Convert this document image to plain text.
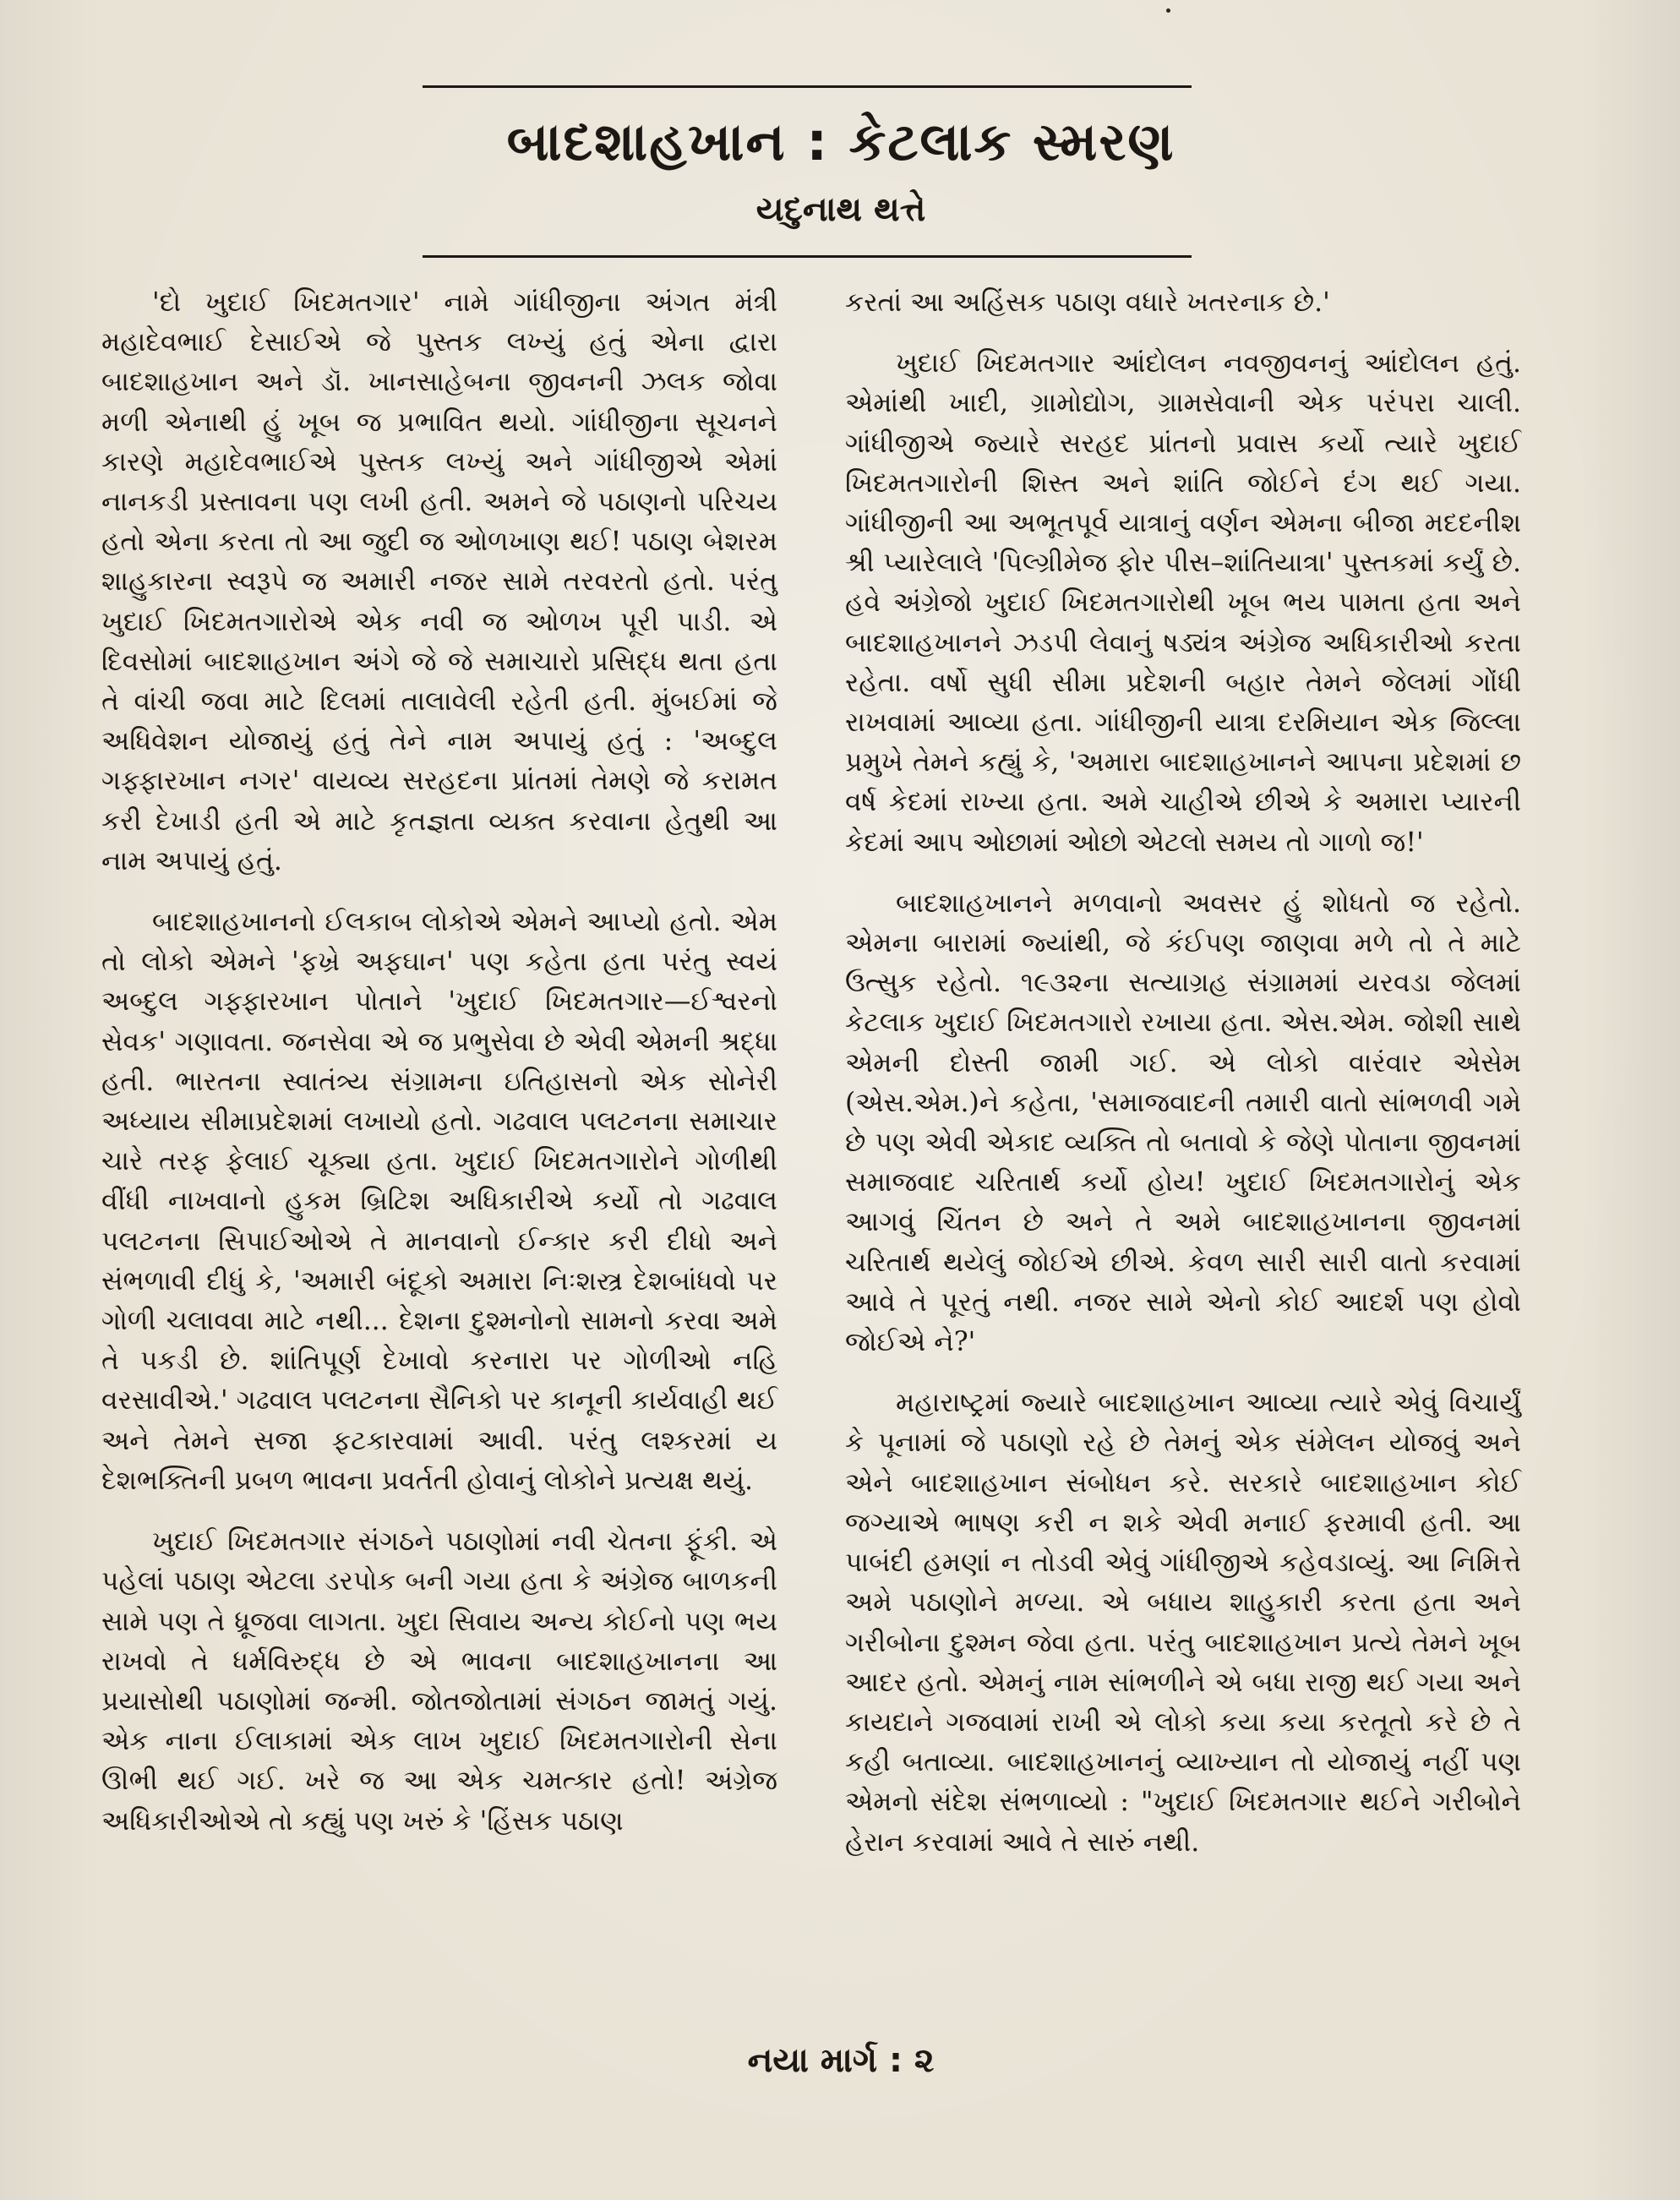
બાદશાહખાન : કેટલાક સ્મરણ
યદુનાથ થત્તે

'દો ખુદાઈ ખિદમતગાર' નામે ગાંધીજીના અંગત મંત્રી મહાદેવભાઈ દેસાઈએ જે પુસ્તક લખ્યું હતું એના દ્વારા બાદશાહખાન અને ડૉ. ખાનસાહેબના જીવનની ઝલક જોવા મળી એનાથી હું ખૂબ જ પ્રભાવિત થયો. ગાંધીજીના સૂચનને કારણે મહાદેવભાઈએ પુસ્તક લખ્યું અને ગાંધીજીએ એમાં નાનકડી પ્રસ્તાવના પણ લખી હતી. અમને જે પઠાણનો પરિચય હતો એના કરતા તો આ જુદી જ ઓળખાણ થઈ! પઠાણ બેશરમ શાહુકારના સ્વરૂપે જ અમારી નજર સામે તરવરતો હતો. પરંતુ ખુદાઈ ખિદમતગારોએ એક નવી જ ઓળખ પૂરી પાડી. એ દિવસોમાં બાદશાહખાન અંગે જે જે સમાચારો પ્રસિદ્ધ થતા હતા તે વાંચી જવા માટે દિલમાં તાલાવેલી રહેતી હતી. મુંબઈમાં જે અધિવેશન યોજાયું હતું તેને નામ અપાયું હતું : 'અબ્દુલ ગફ્ફારખાન નગર' વાયવ્ય સરહદના પ્રાંતમાં તેમણે જે કરામત કરી દેખાડી હતી એ માટે કૃતજ્ઞતા વ્યક્ત કરવાના હેતુથી આ નામ અપાયું હતું.

બાદશાહખાનનો ઈલકાબ લોકોએ એમને આપ્યો હતો. એમ તો લોકો એમને 'ફખ્રે અફઘાન' પણ કહેતા હતા પરંતુ સ્વયં અબ્દુલ ગફ્ફારખાન પોતાને 'ખુદાઈ ખિદમતગાર—ઈશ્વરનો સેવક' ગણાવતા. જનસેવા એ જ પ્રભુસેવા છે એવી એમની શ્રદ્ધા હતી. ભારતના સ્વાતંત્ર્ય સંગ્રામના ઇતિહાસનો એક સોનેરી અધ્યાય સીમાપ્રદેશમાં લખાયો હતો. ગઢવાલ પલટનના સમાચાર ચારે તરફ ફેલાઈ ચૂક્યા હતા. ખુદાઈ ખિદમતગારોને ગોળીથી વીંધી નાખવાનો હુકમ બ્રિટિશ અધિકારીએ કર્યો તો ગઢવાલ પલટનના સિપાઈઓએ તે માનવાનો ઈન્કાર કરી દીધો અને સંભળાવી દીધું કે, 'અમારી બંદૂકો અમારા નિઃશસ્ત્ર દેશબાંધવો પર ગોળી ચલાવવા માટે નથી... દેશના દુશ્મનોનો સામનો કરવા અમે તે પકડી છે. શાંતિપૂર્ણ દેખાવો કરનારા પર ગોળીઓ નહિ વરસાવીએ.' ગઢવાલ પલટનના સૈનિકો પર કાનૂની કાર્યવાહી થઈ અને તેમને સજા ફટકારવામાં આવી. પરંતુ લશ્કરમાં ય દેશભક્તિની પ્રબળ ભાવના પ્રવર્તતી હોવાનું લોકોને પ્રત્યક્ષ થયું.

ખુદાઈ ખિદમતગાર સંગઠને પઠાણોમાં નવી ચેતના ફૂંકી. એ પહેલાં પઠાણ એટલા ડરપોક બની ગયા હતા કે અંગ્રેજ બાળકની સામે પણ તે ધ્રૂજવા લાગતા. ખુદા સિવાય અન્ય કોઈનો પણ ભય રાખવો તે ધર્મવિરુદ્ધ છે એ ભાવના બાદશાહખાનના આ પ્રયાસોથી પઠાણોમાં જન્મી. જોતજોતામાં સંગઠન જામતું ગયું. એક નાના ઈલાકામાં એક લાખ ખુદાઈ ખિદમતગારોની સેના ઊભી થઈ ગઈ. ખરે જ આ એક ચમત્કાર હતો! અંગ્રેજ અધિકારીઓએ તો કહ્યું પણ ખરું કે 'હિંસક પઠાણ

કરતાં આ અહિંસક પઠાણ વધારે ખતરનાક છે.'

ખુદાઈ ખિદમતગાર આંદોલન નવજીવનનું આંદોલન હતું. એમાંથી ખાદી, ગ્રામોદ્યોગ, ગ્રામસેવાની એક પરંપરા ચાલી. ગાંધીજીએ જ્યારે સરહદ પ્રાંતનો પ્રવાસ કર્યો ત્યારે ખુદાઈ ખિદમતગારોની શિસ્ત અને શાંતિ જોઈને દંગ થઈ ગયા. ગાંધીજીની આ અભૂતપૂર્વ યાત્રાનું વર્ણન એમના બીજા મદદનીશ શ્રી પ્યારેલાલે 'પિલ્ગ્રીમેજ ફોર પીસ–શાંતિયાત્રા' પુસ્તકમાં કર્યું છે. હવે અંગ્રેજો ખુદાઈ ખિદમતગારોથી ખૂબ ભય પામતા હતા અને બાદશાહખાનને ઝડપી લેવાનું ષડ્યંત્ર અંગ્રેજ અધિકારીઓ કરતા રહેતા. વર્ષો સુધી સીમા પ્રદેશની બહાર તેમને જેલમાં ગોંધી રાખવામાં આવ્યા હતા. ગાંધીજીની યાત્રા દરમિયાન એક જિલ્લા પ્રમુખે તેમને કહ્યું કે, 'અમારા બાદશાહખાનને આપના પ્રદેશમાં છ વર્ષ કેદમાં રાખ્યા હતા. અમે ચાહીએ છીએ કે અમારા પ્યારની કેદમાં આપ ઓછામાં ઓછો એટલો સમય તો ગાળો જ!'

બાદશાહખાનને મળવાનો અવસર હું શોધતો જ રહેતો. એમના બારામાં જ્યાંથી, જે કંઈપણ જાણવા મળે તો તે માટે ઉત્સુક રહેતો. ૧૯૩૨ના સત્યાગ્રહ સંગ્રામમાં યરવડા જેલમાં કેટલાક ખુદાઈ ખિદમતગારો રખાયા હતા. એસ.એમ. જોશી સાથે એમની દોસ્તી જામી ગઈ. એ લોકો વારંવાર એસેમ (એસ.એમ.)ને કહેતા, 'સમાજવાદની તમારી વાતો સાંભળવી ગમે છે પણ એવી એકાદ વ્યક્તિ તો બતાવો કે જેણે પોતાના જીવનમાં સમાજવાદ ચરિતાર્થ કર્યો હોય! ખુદાઈ ખિદમતગારોનું એક આગવું ચિંતન છે અને તે અમે બાદશાહખાનના જીવનમાં ચરિતાર્થ થયેલું જોઈએ છીએ. કેવળ સારી સારી વાતો કરવામાં આવે તે પૂરતું નથી. નજર સામે એનો કોઈ આદર્શ પણ હોવો જોઈએ ને?'

મહારાષ્ટ્રમાં જ્યારે બાદશાહખાન આવ્યા ત્યારે એવું વિચાર્યું કે પૂનામાં જે પઠાણો રહે છે તેમનું એક સંમેલન યોજવું અને એને બાદશાહખાન સંબોધન કરે. સરકારે બાદશાહખાન કોઈ જગ્યાએ ભાષણ કરી ન શકે એવી મનાઈ ફરમાવી હતી. આ પાબંદી હમણાં ન તોડવી એવું ગાંધીજીએ કહેવડાવ્યું. આ નિમિત્તે અમે પઠાણોને મળ્યા. એ બધાય શાહુકારી કરતા હતા અને ગરીબોના દુશ્મન જેવા હતા. પરંતુ બાદશાહખાન પ્રત્યે તેમને ખૂબ આદર હતો. એમનું નામ સાંભળીને એ બધા રાજી થઈ ગયા અને કાયદાને ગજવામાં રાખી એ લોકો કયા કયા કરતૂતો કરે છે તે કહી બતાવ્યા. બાદશાહખાનનું વ્યાખ્યાન તો યોજાયું નહીં પણ એમનો સંદેશ સંભળાવ્યો : "ખુદાઈ ખિદમતગાર થઈને ગરીબોને હેરાન કરવામાં આવે તે સારું નથી.

નયા માર્ગ : ૨
